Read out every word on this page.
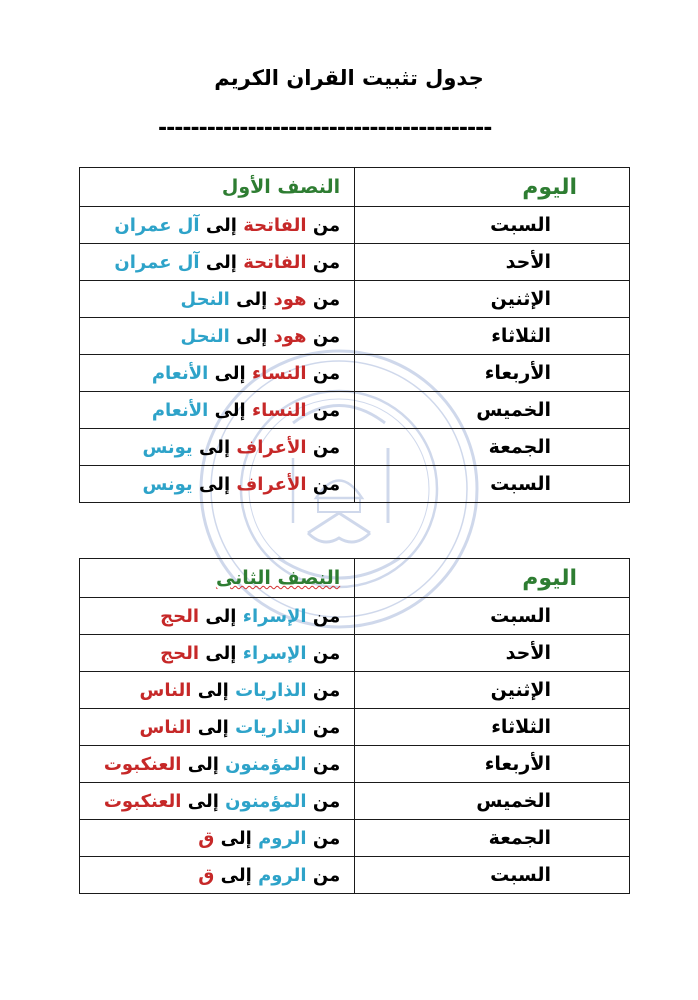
جدول تثبيت القران الكريم
-----------------------------------------
اليوم	النصف الأول
السبت	من الفاتحة إلى آل عمران
الأحد	من الفاتحة إلى آل عمران
الإثنين	من هود إلى النحل
الثلاثاء	من هود إلى النحل
الأربعاء	من النساء إلى الأنعام
الخميس	من النساء إلى الأنعام
الجمعة	من الأعراف إلى يونس
السبت	من الأعراف إلى يونس
اليوم	النصف الثانى
السبت	من الإسراء إلى الحج
الأحد	من الإسراء إلى الحج
الإثنين	من الذاريات إلى الناس
الثلاثاء	من الذاريات إلى الناس
الأربعاء	من المؤمنون إلى العنكبوت
الخميس	من المؤمنون إلى العنكبوت
الجمعة	من الروم إلى ق
السبت	من الروم إلى ق
